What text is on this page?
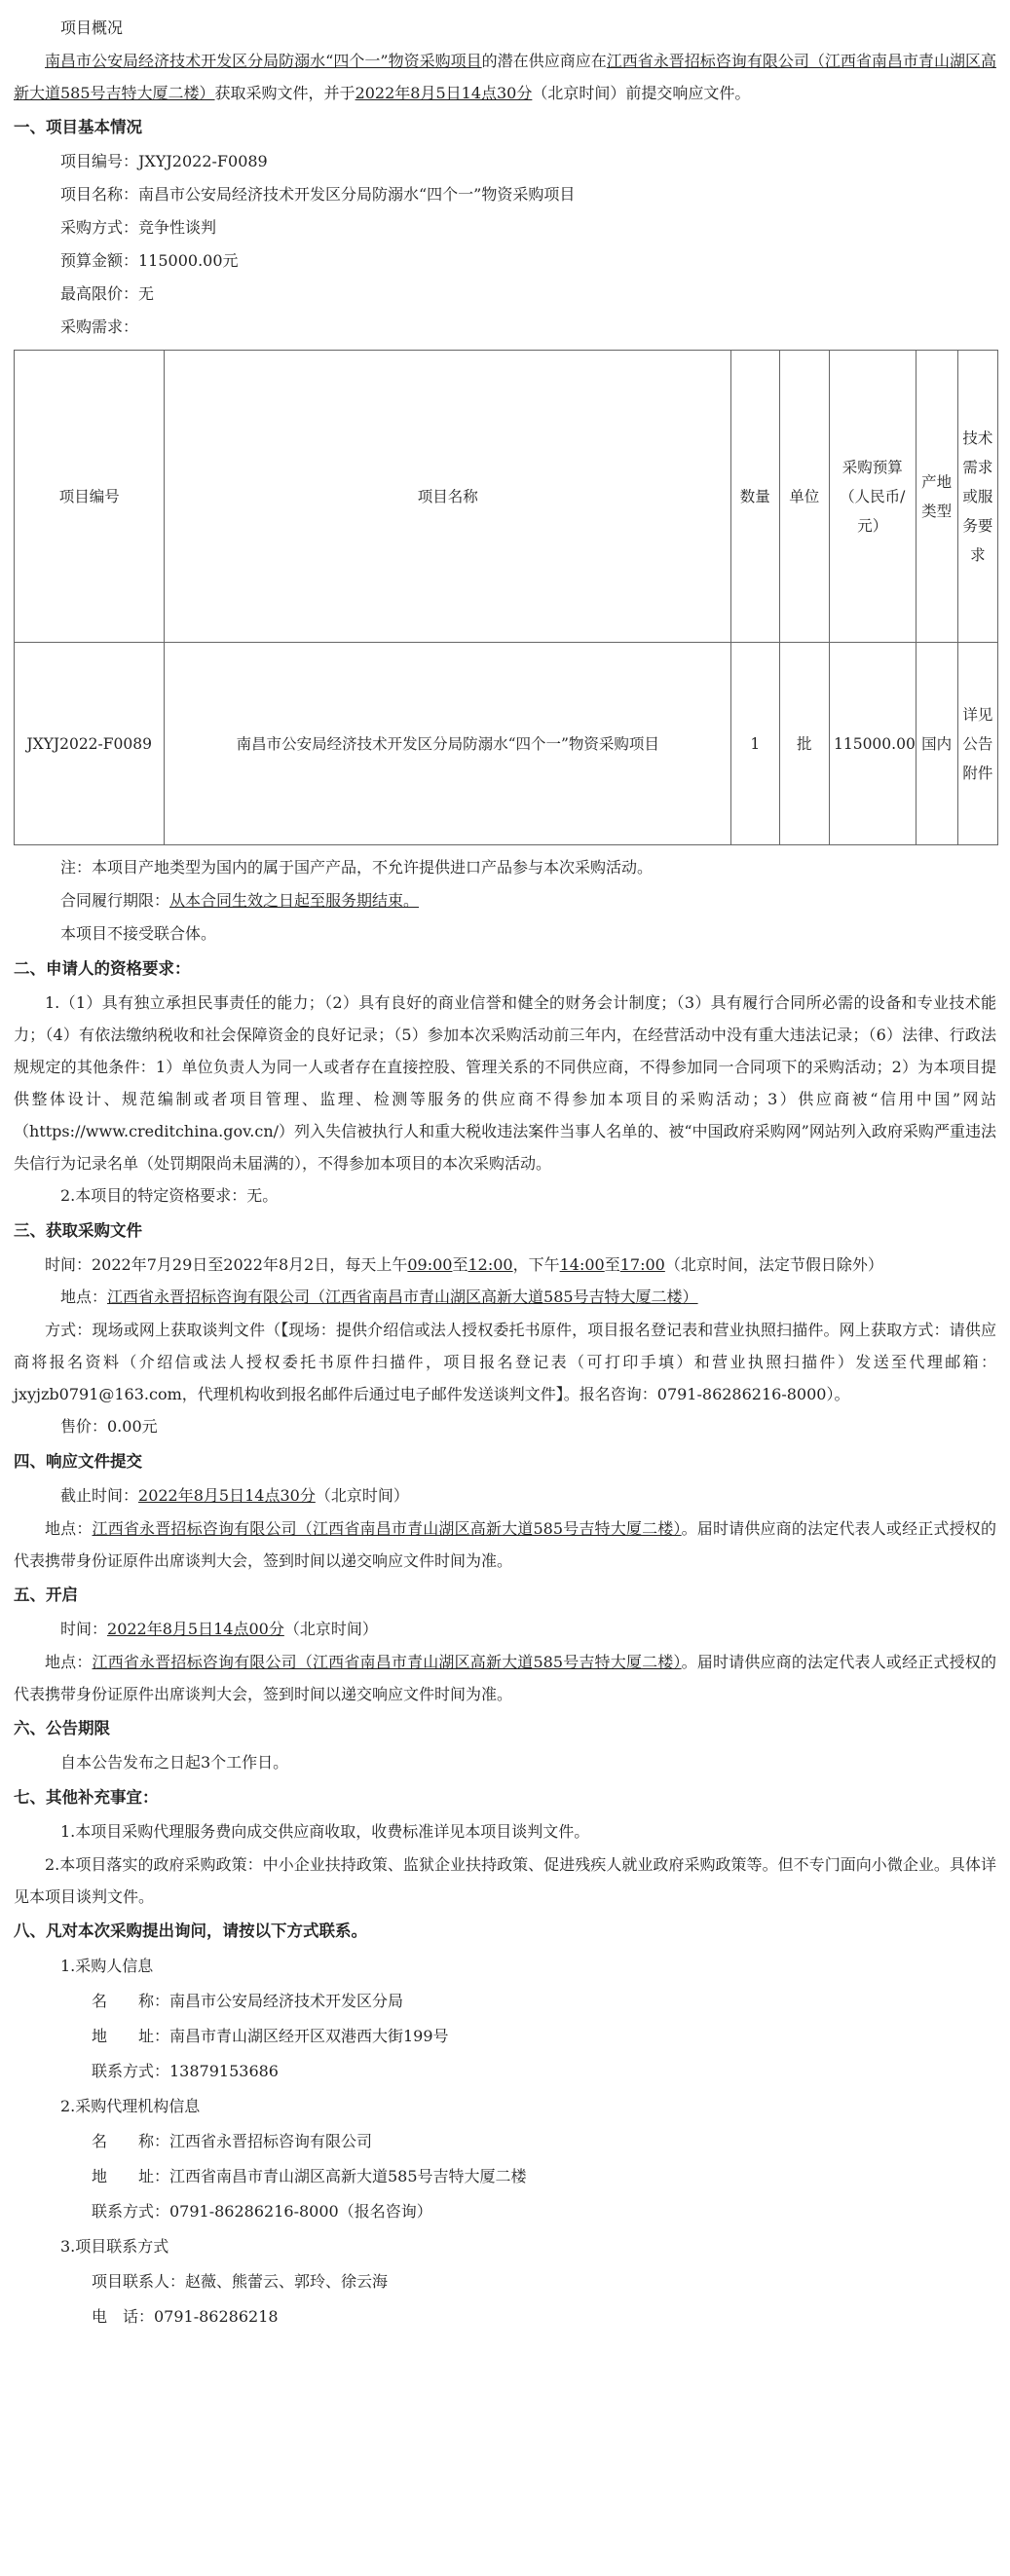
项目概况
南昌市公安局经济技术开发区分局防溺水“四个一”物资采购项目的潜在供应商应在江西省永晋招标咨询有限公司（江西省南昌市青山湖区高新大道585号吉特大厦二楼）获取采购文件，并于2022年8月5日14点30分（北京时间）前提交响应文件。
一、项目基本情况
项目编号：JXYJ2022-F0089
项目名称：南昌市公安局经济技术开发区分局防溺水“四个一”物资采购项目
采购方式：竞争性谈判
预算金额：115000.00元
最高限价：无
采购需求：
项目编号	项目名称	数量	单位	采购预算（人民币/元）	产地类型	技术需求或服务要求
JXYJ2022-F0089	南昌市公安局经济技术开发区分局防溺水“四个一”物资采购项目	1	批	115000.00	国内	详见公告附件
注：本项目产地类型为国内的属于国产产品，不允许提供进口产品参与本次采购活动。
合同履行期限：从本合同生效之日起至服务期结束。
本项目不接受联合体。
二、申请人的资格要求：
1.（1）具有独立承担民事责任的能力；（2）具有良好的商业信誉和健全的财务会计制度；（3）具有履行合同所必需的设备和专业技术能力；（4）有依法缴纳税收和社会保障资金的良好记录；（5）参加本次采购活动前三年内，在经营活动中没有重大违法记录；（6）法律、行政法规规定的其他条件：1）单位负责人为同一人或者存在直接控股、管理关系的不同供应商，不得参加同一合同项下的采购活动；2）为本项目提供整体设计、规范编制或者项目管理、监理、检测等服务的供应商不得参加本项目的采购活动；3）供应商被“信用中国”网站（https://www.creditchina.gov.cn/）列入失信被执行人和重大税收违法案件当事人名单的、被“中国政府采购网”网站列入政府采购严重违法失信行为记录名单（处罚期限尚未届满的），不得参加本项目的本次采购活动。
2.本项目的特定资格要求：无。
三、获取采购文件
时间：2022年7月29日至2022年8月2日，每天上午09:00至12:00，下午14:00至17:00（北京时间，法定节假日除外）
地点：江西省永晋招标咨询有限公司（江西省南昌市青山湖区高新大道585号吉特大厦二楼）
方式：现场或网上获取谈判文件（【现场：提供介绍信或法人授权委托书原件，项目报名登记表和营业执照扫描件。网上获取方式：请供应商将报名资料（介绍信或法人授权委托书原件扫描件，项目报名登记表（可打印手填）和营业执照扫描件）发送至代理邮箱：jxyjzb0791@163.com，代理机构收到报名邮件后通过电子邮件发送谈判文件】。报名咨询：0791-86286216-8000）。
售价：0.00元
四、响应文件提交
截止时间：2022年8月5日14点30分（北京时间）
地点：江西省永晋招标咨询有限公司（江西省南昌市青山湖区高新大道585号吉特大厦二楼）。届时请供应商的法定代表人或经正式授权的代表携带身份证原件出席谈判大会，签到时间以递交响应文件时间为准。
五、开启
时间：2022年8月5日14点00分（北京时间）
地点：江西省永晋招标咨询有限公司（江西省南昌市青山湖区高新大道585号吉特大厦二楼）。届时请供应商的法定代表人或经正式授权的代表携带身份证原件出席谈判大会，签到时间以递交响应文件时间为准。
六、公告期限
自本公告发布之日起3个工作日。
七、其他补充事宜：
1.本项目采购代理服务费向成交供应商收取，收费标准详见本项目谈判文件。
2.本项目落实的政府采购政策：中小企业扶持政策、监狱企业扶持政策、促进残疾人就业政府采购政策等。但不专门面向小微企业。具体详见本项目谈判文件。
八、凡对本次采购提出询问，请按以下方式联系。
1.采购人信息
名　　称：南昌市公安局经济技术开发区分局
地　　址：南昌市青山湖区经开区双港西大街199号
联系方式：13879153686
2.采购代理机构信息
名　　称：江西省永晋招标咨询有限公司
地　　址：江西省南昌市青山湖区高新大道585号吉特大厦二楼
联系方式：0791-86286216-8000（报名咨询）
3.项目联系方式
项目联系人：赵薇、熊蕾云、郭玲、徐云海
电　话：0791-86286218
